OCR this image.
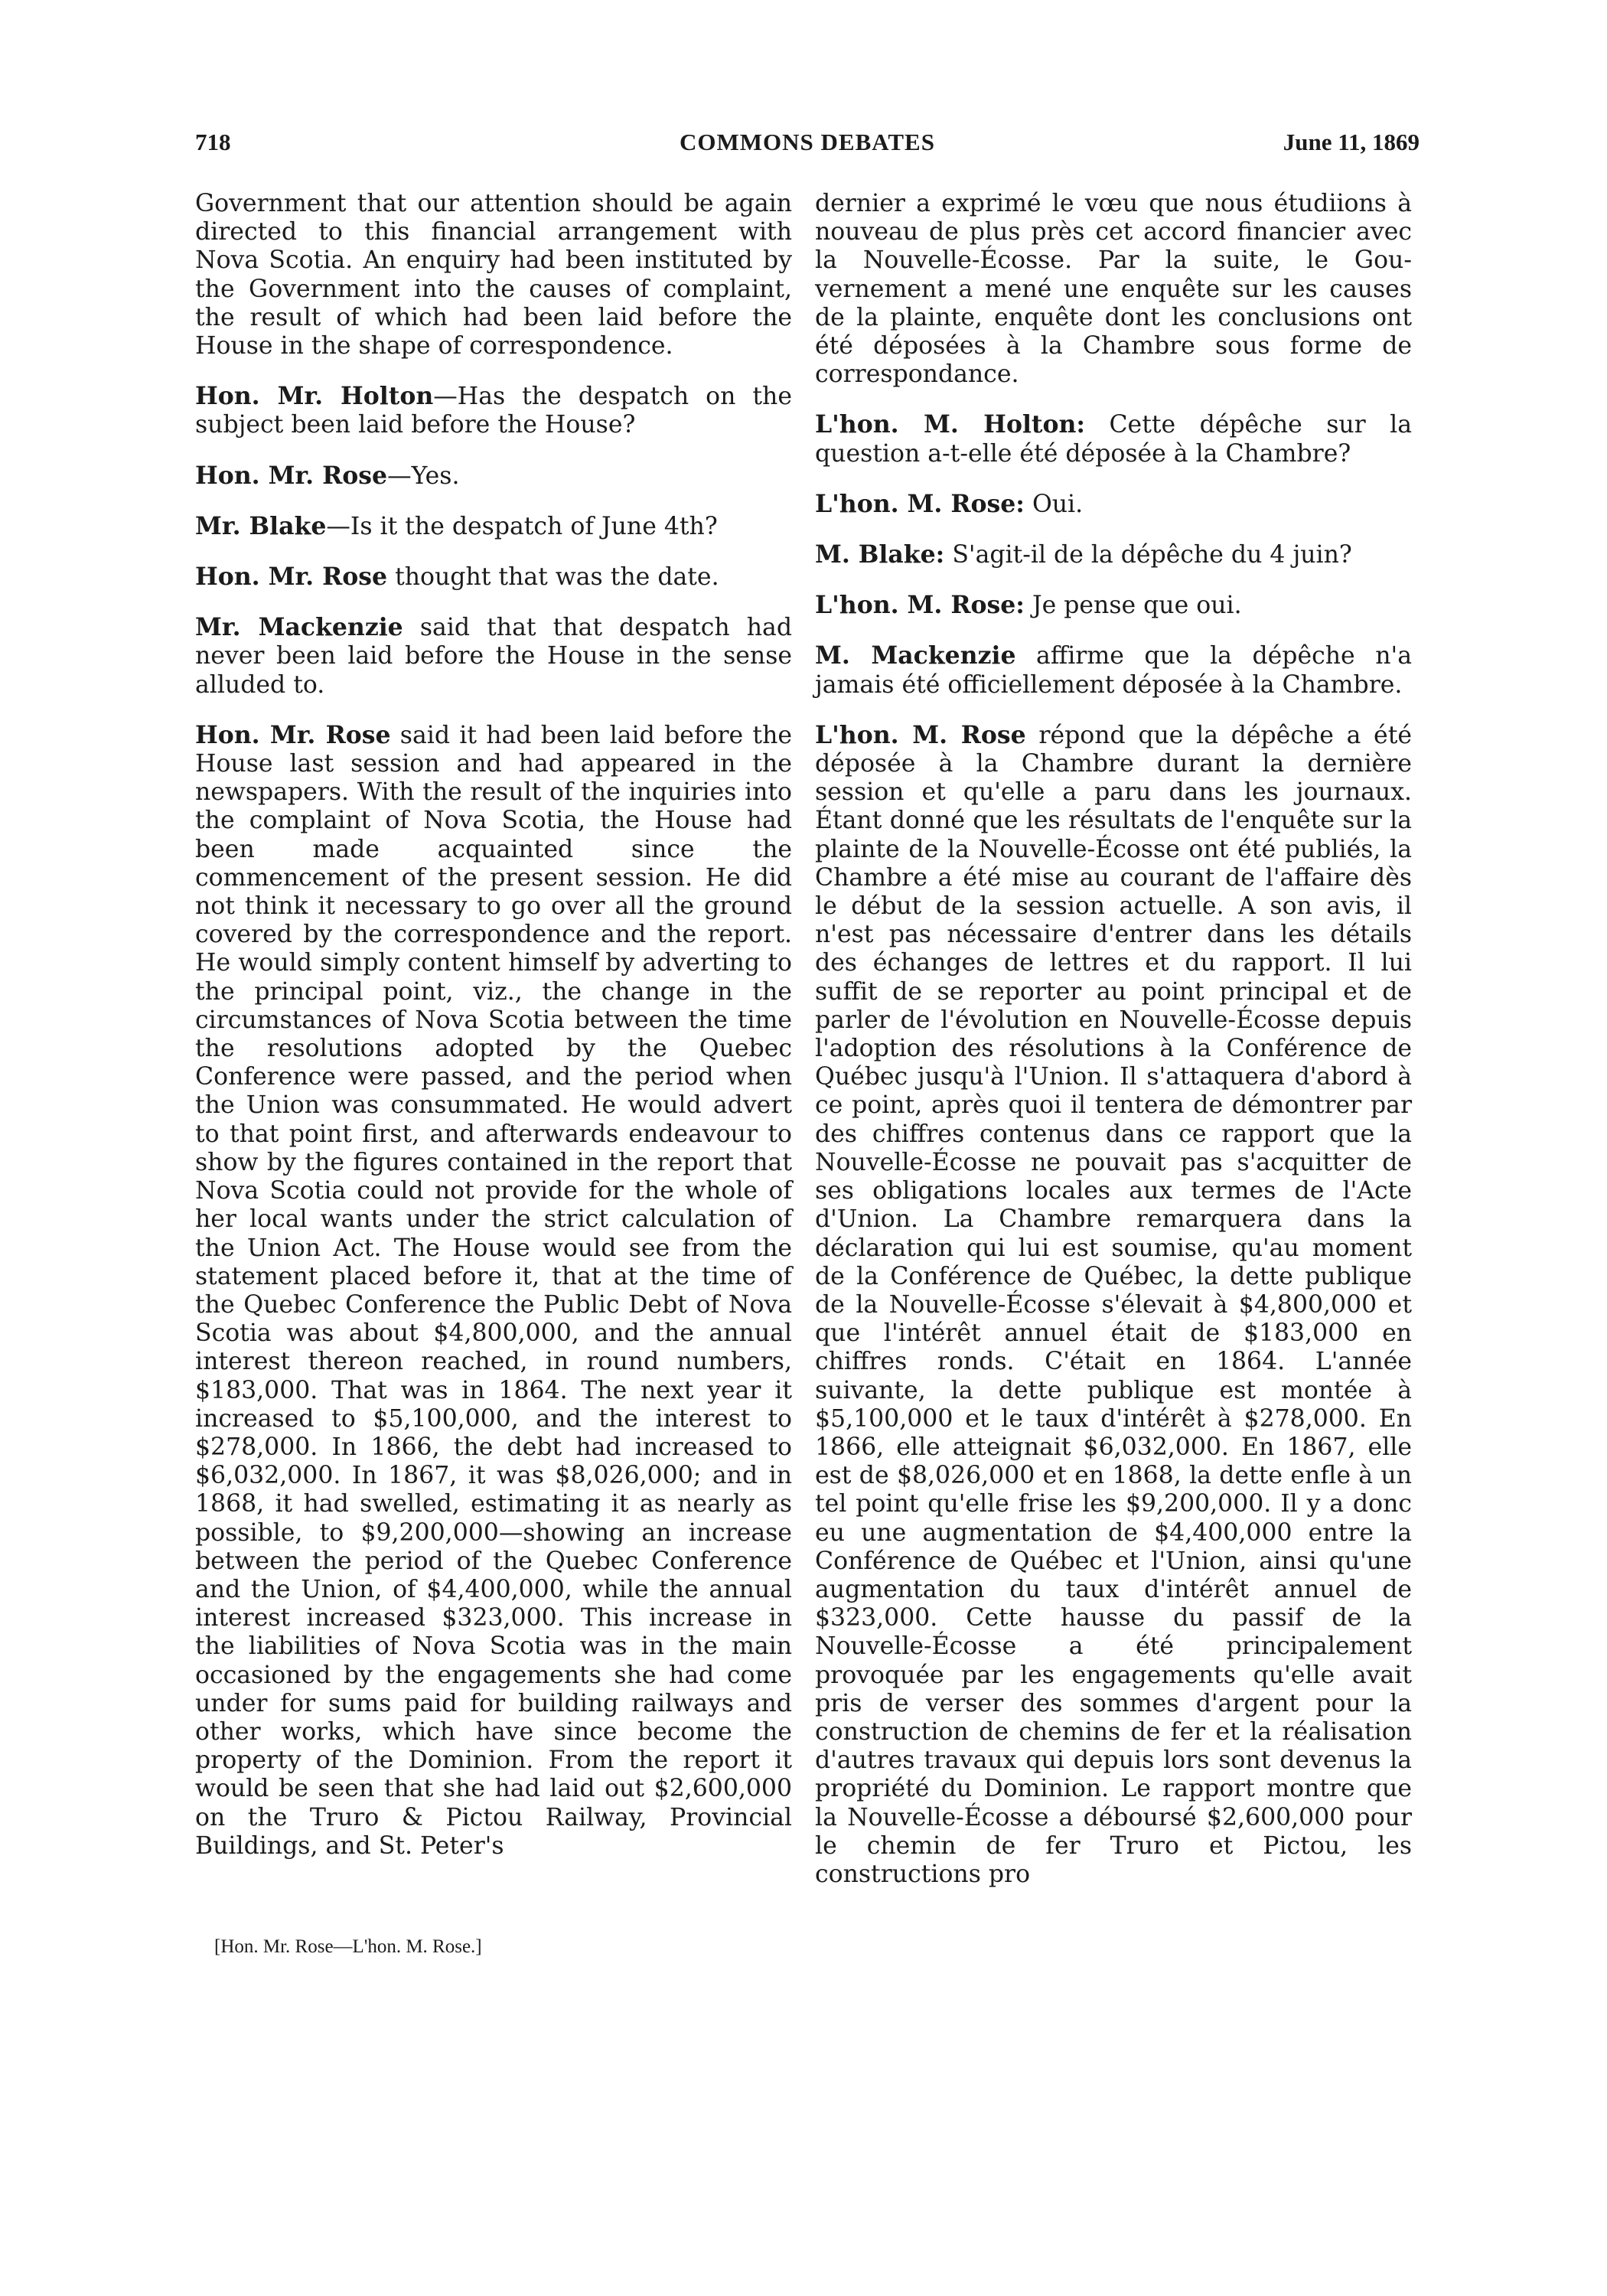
718	COMMONS DEBATES	June 11, 1869

Government that our attention should be again directed to this financial arrangement with Nova Scotia. An enquiry had been instituted by the Government into the causes of complaint, the result of which had been laid before the House in the shape of correspondence.

Hon. Mr. Holton—Has the despatch on the subject been laid before the House?

Hon. Mr. Rose—Yes.

Mr. Blake—Is it the despatch of June 4th?

Hon. Mr. Rose thought that was the date.

Mr. Mackenzie said that that despatch had never been laid before the House in the sense alluded to.

Hon. Mr. Rose said it had been laid before the House last session and had appeared in the newspapers. With the result of the inquiries into the complaint of Nova Scotia, the House had been made acquainted since the commencement of the present session. He did not think it necessary to go over all the ground covered by the correspondence and the report. He would simply content himself by adverting to the principal point, viz., the change in the circumstances of Nova Scotia between the time the resolutions adopted by the Quebec Conference were passed, and the period when the Union was consummated. He would advert to that point first, and afterwards endeavour to show by the figures contained in the report that Nova Scotia could not provide for the whole of her local wants under the strict calculation of the Union Act. The House would see from the statement placed before it, that at the time of the Quebec Conference the Public Debt of Nova Scotia was about $4,800,000, and the annual interest thereon reached, in round numbers, $183,000. That was in 1864. The next year it increased to $5,100,000, and the interest to $278,000. In 1866, the debt had increased to $6,032,000. In 1867, it was $8,026,000; and in 1868, it had swelled, estimating it as nearly as possible, to $9,200,000—showing an increase between the period of the Quebec Conference and the Union, of $4,400,000, while the annual interest increased $323,000. This increase in the liabilities of Nova Scotia was in the main occasioned by the engagements she had come under for sums paid for building railways and other works, which have since become the property of the Dominion. From the report it would be seen that she had laid out $2,600,000 on the Truro & Pictou Railway, Provincial Buildings, and St. Peter's

dernier a exprimé le vœu que nous étudiions à nouveau de plus près cet accord financier avec la Nouvelle-Écosse. Par la suite, le Gouvernement a mené une enquête sur les causes de la plainte, enquête dont les conclusions ont été déposées à la Chambre sous forme de correspondance.

L'hon. M. Holton: Cette dépêche sur la question a-t-elle été déposée à la Chambre?

L'hon. M. Rose: Oui.

M. Blake: S'agit-il de la dépêche du 4 juin?

L'hon. M. Rose: Je pense que oui.

M. Mackenzie affirme que la dépêche n'a jamais été officiellement déposée à la Chambre.

L'hon. M. Rose répond que la dépêche a été déposée à la Chambre durant la dernière session et qu'elle a paru dans les journaux. Étant donné que les résultats de l'enquête sur la plainte de la Nouvelle-Écosse ont été publiés, la Chambre a été mise au courant de l'affaire dès le début de la session actuelle. A son avis, il n'est pas nécessaire d'entrer dans les détails des échanges de lettres et du rapport. Il lui suffit de se reporter au point principal et de parler de l'évolution en Nouvelle-Écosse depuis l'adoption des résolutions à la Conférence de Québec jusqu'à l'Union. Il s'attaquera d'abord à ce point, après quoi il tentera de démontrer par des chiffres contenus dans ce rapport que la Nouvelle-Écosse ne pouvait pas s'acquitter de ses obligations locales aux termes de l'Acte d'Union. La Chambre remarquera dans la déclaration qui lui est soumise, qu'au moment de la Conférence de Québec, la dette publique de la Nouvelle-Écosse s'élevait à $4,800,000 et que l'intérêt annuel était de $183,000 en chiffres ronds. C'était en 1864. L'année suivante, la dette publique est montée à $5,100,000 et le taux d'intérêt à $278,000. En 1866, elle atteignait $6,032,000. En 1867, elle est de $8,026,000 et en 1868, la dette enfle à un tel point qu'elle frise les $9,200,000. Il y a donc eu une augmentation de $4,400,000 entre la Conférence de Québec et l'Union, ainsi qu'une augmentation du taux d'intérêt annuel de $323,000. Cette hausse du passif de la Nouvelle-Écosse a été principalement provoquée par les engagements qu'elle avait pris de verser des sommes d'argent pour la construction de chemins de fer et la réalisation d'autres travaux qui depuis lors sont devenus la propriété du Dominion. Le rapport montre que la Nouvelle-Écosse a déboursé $2,600,000 pour le chemin de fer Truro et Pictou, les constructions pro

[Hon. Mr. Rose—L'hon. M. Rose.]
